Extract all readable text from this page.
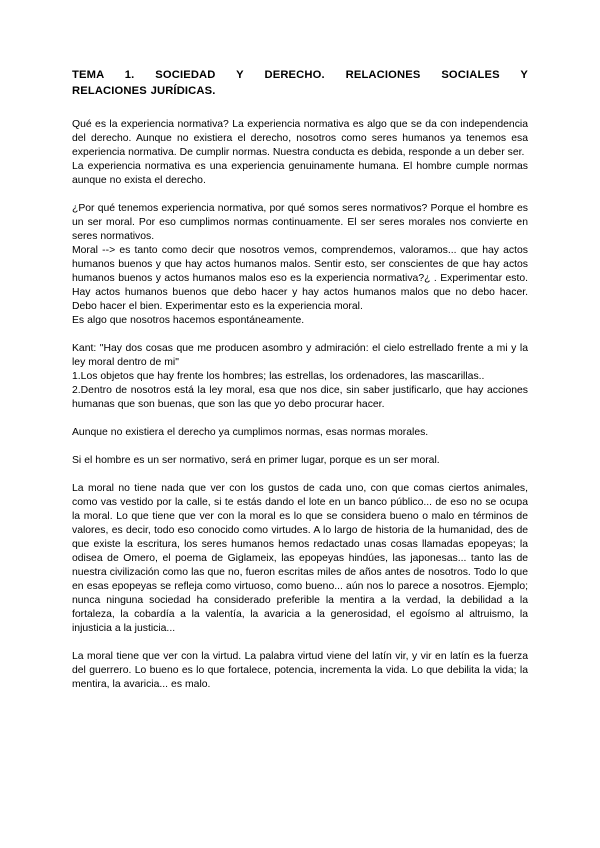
TEMA 1. SOCIEDAD Y DERECHO. RELACIONES SOCIALES Y
RELACIONES JURÍDICAS.

Qué es la experiencia normativa? La experiencia normativa es algo que se da con independencia del derecho. Aunque no existiera el derecho, nosotros como seres humanos ya tenemos esa experiencia normativa. De cumplir normas. Nuestra conducta es debida, responde a un deber ser.

La experiencia normativa es una experiencia genuinamente humana. El hombre cumple normas aunque no exista el derecho.

¿Por qué tenemos experiencia normativa, por qué somos seres normativos? Porque el hombre es un ser moral. Por eso cumplimos normas continuamente. El ser seres morales nos convierte en seres normativos.

Moral --> es tanto como decir que nosotros vemos, comprendemos, valoramos... que hay actos humanos buenos y que hay actos humanos malos. Sentir esto, ser conscientes de que hay actos humanos buenos y actos humanos malos eso es la experiencia normativa?¿ . Experimentar esto. Hay actos humanos buenos que debo hacer y hay actos humanos malos que no debo hacer. Debo hacer el bien. Experimentar esto es la experiencia moral.

Es algo que nosotros hacemos espontáneamente.

Kant: "Hay dos cosas que me producen asombro y admiración: el cielo estrellado frente a mi y la ley moral dentro de mi"

1.Los objetos que hay frente los hombres; las estrellas, los ordenadores, las mascarillas..

2.Dentro de nosotros está la ley moral, esa que nos dice, sin saber justificarlo, que hay acciones humanas que son buenas, que son las que yo debo procurar hacer.

Aunque no existiera el derecho ya cumplimos normas, esas normas morales.

Si el hombre es un ser normativo, será en primer lugar, porque es un ser moral.

La moral no tiene nada que ver con los gustos de cada uno, con que comas ciertos animales, como vas vestido por la calle, si te estás dando el lote en un banco público... de eso no se ocupa la moral. Lo que tiene que ver con la moral es lo que se considera bueno o malo en términos de valores, es decir, todo eso conocido como virtudes. A lo largo de historia de la humanidad, des de que existe la escritura, los seres humanos hemos redactado unas cosas llamadas epopeyas; la odisea de Omero, el poema de Giglameix, las epopeyas hindúes, las japonesas... tanto las de nuestra civilización como las que no, fueron escritas miles de años antes de nosotros. Todo lo que en esas epopeyas se refleja como virtuoso, como bueno... aún nos lo parece a nosotros. Ejemplo; nunca ninguna sociedad ha considerado preferible la mentira a la verdad, la debilidad a la fortaleza, la cobardía a la valentía, la avaricia a la generosidad, el egoísmo al altruismo, la injusticia a la justicia...

La moral tiene que ver con la virtud. La palabra virtud viene del latín vir, y vir en latín es la fuerza del guerrero. Lo bueno es lo que fortalece, potencia, incrementa la vida. Lo que debilita la vida; la mentira, la avaricia... es malo.
